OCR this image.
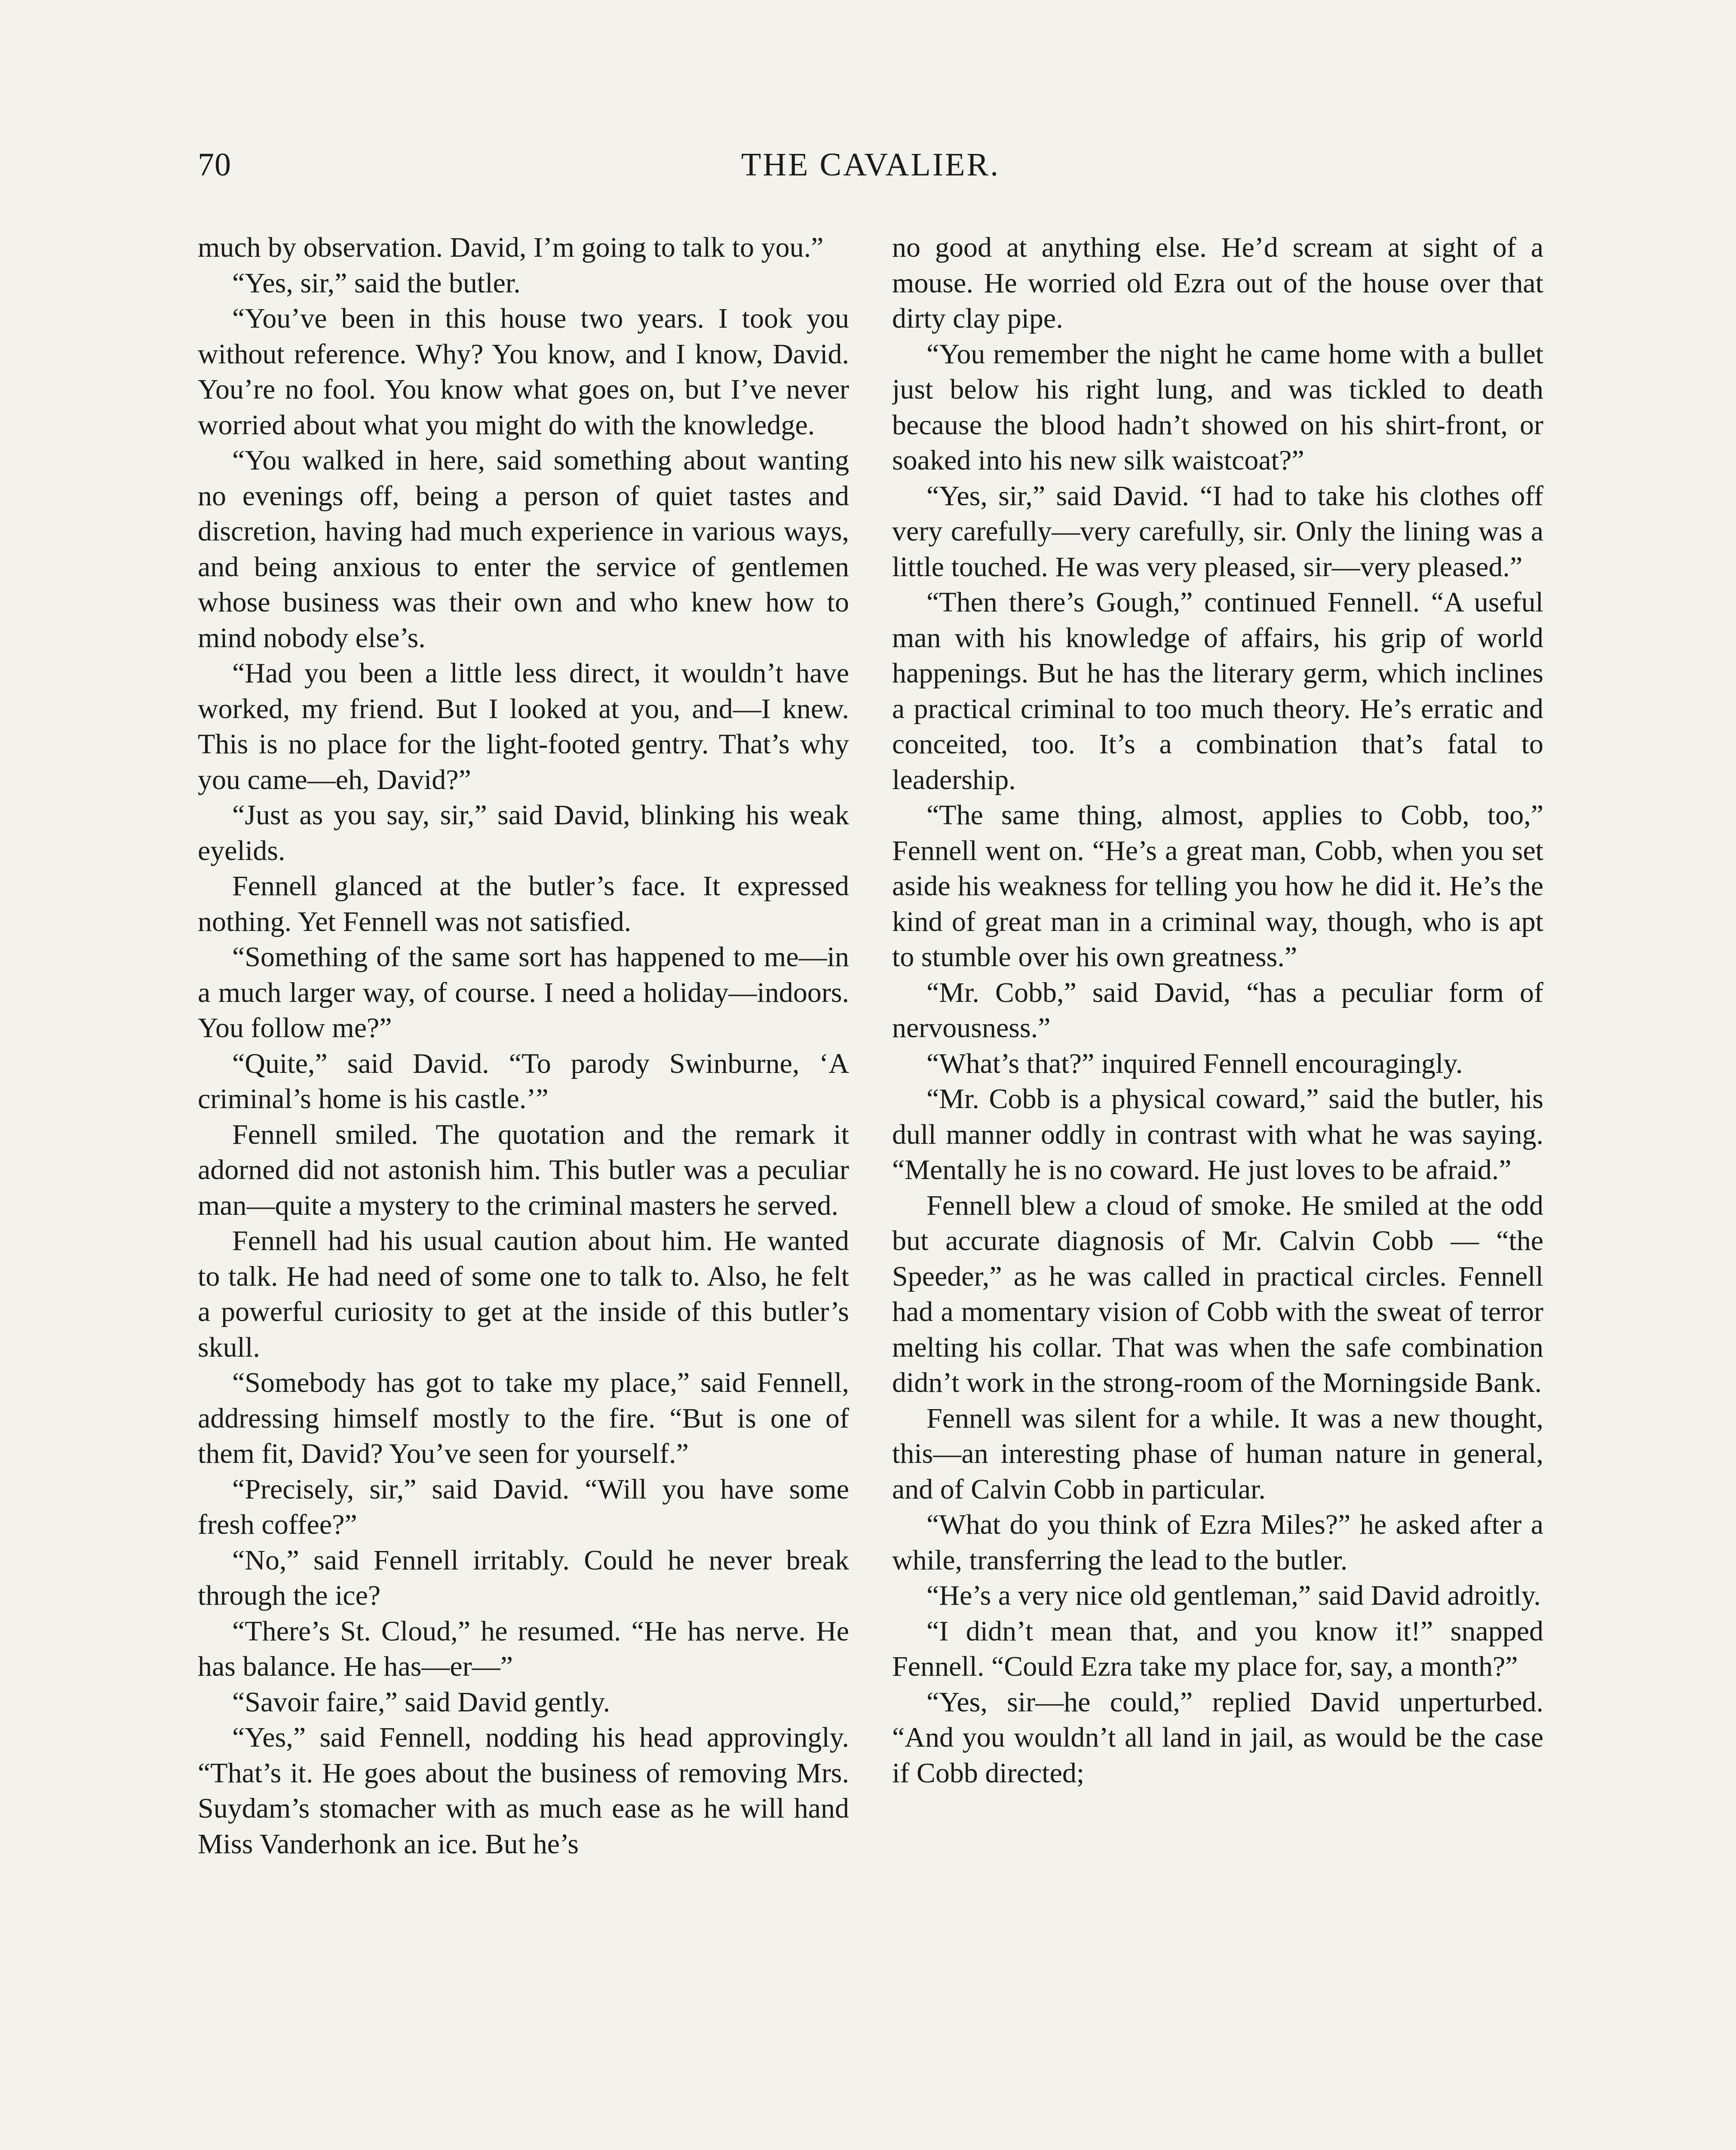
70	THE CAVALIER.

much by observation. David, I’m going to talk to you.”

“Yes, sir,” said the butler.

“You’ve been in this house two years. I took you without reference. Why? You know, and I know, David. You’re no fool. You know what goes on, but I’ve never worried about what you might do with the knowledge.

“You walked in here, said something about wanting no evenings off, being a person of quiet tastes and discretion, having had much experience in various ways, and being anxious to enter the service of gentlemen whose business was their own and who knew how to mind nobody else’s.

“Had you been a little less direct, it wouldn’t have worked, my friend. But I looked at you, and—I knew. This is no place for the light-footed gentry. That’s why you came—eh, David?”

“Just as you say, sir,” said David, blinking his weak eyelids.

Fennell glanced at the butler’s face. It expressed nothing. Yet Fennell was not satisfied.

“Something of the same sort has happened to me—in a much larger way, of course. I need a holiday—indoors. You follow me?”

“Quite,” said David. “To parody Swinburne, ‘A criminal’s home is his castle.’”

Fennell smiled. The quotation and the remark it adorned did not astonish him. This butler was a peculiar man—quite a mystery to the criminal masters he served.

Fennell had his usual caution about him. He wanted to talk. He had need of some one to talk to. Also, he felt a powerful curiosity to get at the inside of this butler’s skull.

“Somebody has got to take my place,” said Fennell, addressing himself mostly to the fire. “But is one of them fit, David? You’ve seen for yourself.”

“Precisely, sir,” said David. “Will you have some fresh coffee?”

“No,” said Fennell irritably. Could he never break through the ice?

“There’s St. Cloud,” he resumed. “He has nerve. He has balance. He has—er—”

“Savoir faire,” said David gently.

“Yes,” said Fennell, nodding his head approvingly. “That’s it. He goes about the business of removing Mrs. Suydam’s stomacher with as much ease as he will hand Miss Vanderhonk an ice. But he’s

no good at anything else. He’d scream at sight of a mouse. He worried old Ezra out of the house over that dirty clay pipe.

“You remember the night he came home with a bullet just below his right lung, and was tickled to death because the blood hadn’t showed on his shirt-front, or soaked into his new silk waistcoat?”

“Yes, sir,” said David. “I had to take his clothes off very carefully—very carefully, sir. Only the lining was a little touched. He was very pleased, sir—very pleased.”

“Then there’s Gough,” continued Fennell. “A useful man with his knowledge of affairs, his grip of world happenings. But he has the literary germ, which inclines a practical criminal to too much theory. He’s erratic and conceited, too. It’s a combination that’s fatal to leadership.

“The same thing, almost, applies to Cobb, too,” Fennell went on. “He’s a great man, Cobb, when you set aside his weakness for telling you how he did it. He’s the kind of great man in a criminal way, though, who is apt to stumble over his own greatness.”

“Mr. Cobb,” said David, “has a peculiar form of nervousness.”

“What’s that?” inquired Fennell encouragingly.

“Mr. Cobb is a physical coward,” said the butler, his dull manner oddly in contrast with what he was saying. “Mentally he is no coward. He just loves to be afraid.”

Fennell blew a cloud of smoke. He smiled at the odd but accurate diagnosis of Mr. Calvin Cobb — “the Speeder,” as he was called in practical circles. Fennell had a momentary vision of Cobb with the sweat of terror melting his collar. That was when the safe combination didn’t work in the strong-room of the Morningside Bank.

Fennell was silent for a while. It was a new thought, this—an interesting phase of human nature in general, and of Calvin Cobb in particular.

“What do you think of Ezra Miles?” he asked after a while, transferring the lead to the butler.

“He’s a very nice old gentleman,” said David adroitly.

“I didn’t mean that, and you know it!” snapped Fennell. “Could Ezra take my place for, say, a month?”

“Yes, sir—he could,” replied David unperturbed. “And you wouldn’t all land in jail, as would be the case if Cobb directed;
